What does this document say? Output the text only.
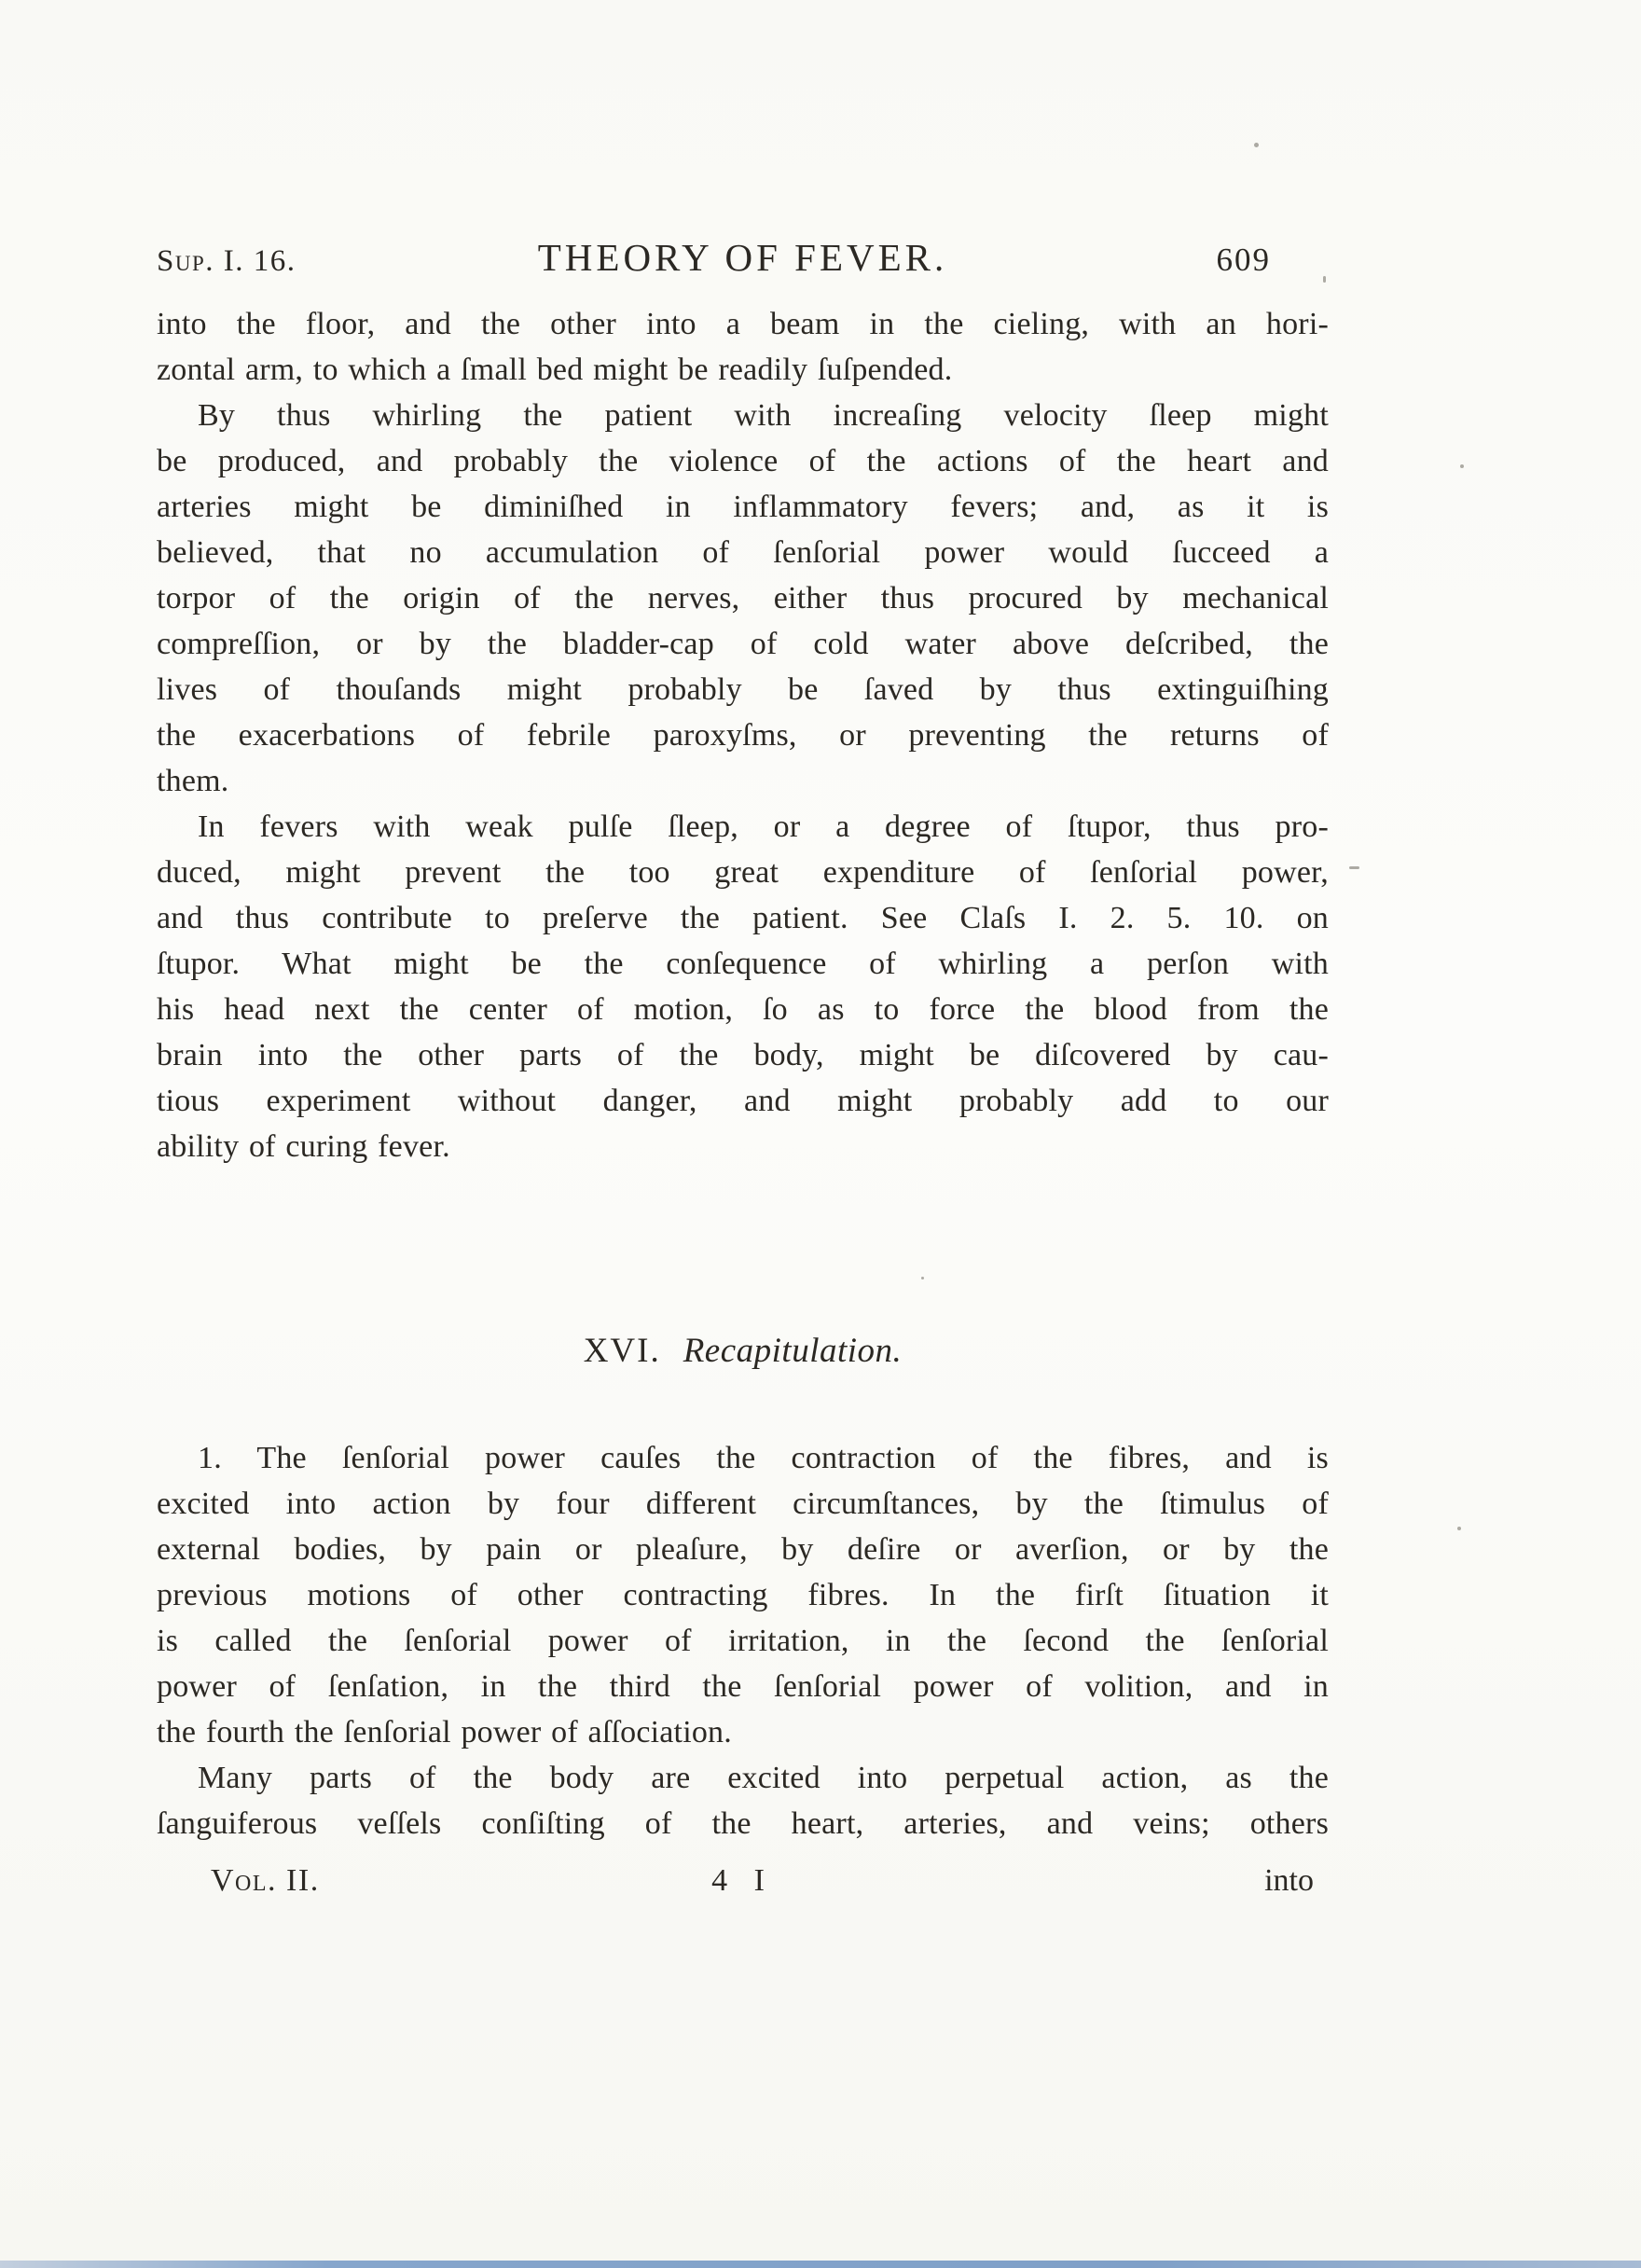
Sup. I. 16.	THEORY OF FEVER.	609
into the floor, and the other into a beam in the cieling, with an hori-
zontal arm, to which a ſmall bed might be readily ſuſpended.
By thus whirling the patient with increaſing velocity ſleep might
be produced, and probably the violence of the actions of the heart and
arteries might be diminiſhed in inflammatory fevers; and, as it is
believed, that no accumulation of ſenſorial power would ſucceed a
torpor of the origin of the nerves, either thus procured by mechanical
compreſſion, or by the bladder-cap of cold water above deſcribed, the
lives of thouſands might probably be ſaved by thus extinguiſhing
the exacerbations of febrile paroxyſms, or preventing the returns of
them.
In fevers with weak pulſe ſleep, or a degree of ſtupor, thus pro-
duced, might prevent the too great expenditure of ſenſorial power,
and thus contribute to preſerve the patient. See Claſs I. 2. 5. 10. on
ſtupor. What might be the conſequence of whirling a perſon with
his head next the center of motion, ſo as to force the blood from the
brain into the other parts of the body, might be diſcovered by cau-
tious experiment without danger, and might probably add to our
ability of curing fever.
XVI. Recapitulation.
1. The ſenſorial power cauſes the contraction of the fibres, and is
excited into action by four different circumſtances, by the ſtimulus of
external bodies, by pain or pleaſure, by deſire or averſion, or by the
previous motions of other contracting fibres. In the firſt ſituation it
is called the ſenſorial power of irritation, in the ſecond the ſenſorial
power of ſenſation, in the third the ſenſorial power of volition, and in
the fourth the ſenſorial power of aſſociation.
Many parts of the body are excited into perpetual action, as the
ſanguiferous veſſels conſiſting of the heart, arteries, and veins; others
Vol. II.	4 I	into
